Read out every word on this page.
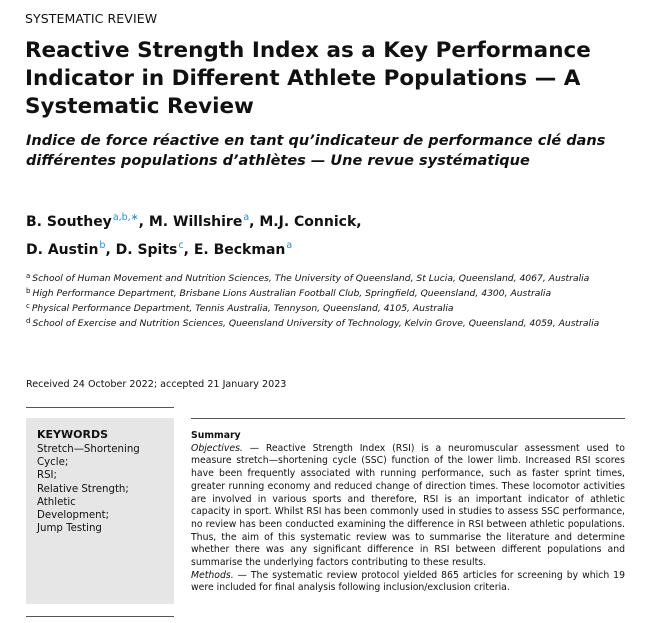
SYSTEMATIC REVIEW
Reactive Strength Index as a Key Performance Indicator in Different Athlete Populations — A Systematic Review
Indice de force réactive en tant qu’indicateur de performance clé dans différentes populations d’athlètes — Une revue systématique
B. Southey$^{a,b,∗}$, M. Willshire$^a$, M.J. Connick,
D. Austin$^b$, D. Spits$^c$, E. Beckman$^a$

$^a$ School of Human Movement and Nutrition Sciences, The University of Queensland, St Lucia, Queensland, 4067, Australia

$^b$ High Performance Department, Brisbane Lions Australian Football Club, Springfield, Queensland, 4300, Australia

$^c$ Physical Performance Department, Tennis Australia, Tennyson, Queensland, 4105, Australia

$^d$ School of Exercise and Nutrition Sciences, Queensland University of Technology, Kelvin Grove, Queensland, 4059, Australia

Received 24 October 2022; accepted 21 January 2023
KEYWORDS
Stretch—Shortening
Cycle;
RSI;
Relative Strength;
Athletic
Development;
Jump Testing
Summary

Objectives. — Reactive Strength Index (RSI) is a neuromuscular assessment used to measure stretch—shortening cycle (SSC) function of the lower limb. Increased RSI scores have been frequently associated with running performance, such as faster sprint times, greater running economy and reduced change of direction times. These locomotor activities are involved in various sports and therefore, RSI is an important indicator of athletic capacity in sport. Whilst RSI has been commonly used in studies to assess SSC performance, no review has been conducted examining the difference in RSI between athletic populations. Thus, the aim of this systematic review was to summarise the literature and determine whether there was any significant difference in RSI between different populations and summarise the underlying factors contributing to these results.

Methods. — The systematic review protocol yielded 865 articles for screening by which 19 were included for final analysis following inclusion/exclusion criteria.
